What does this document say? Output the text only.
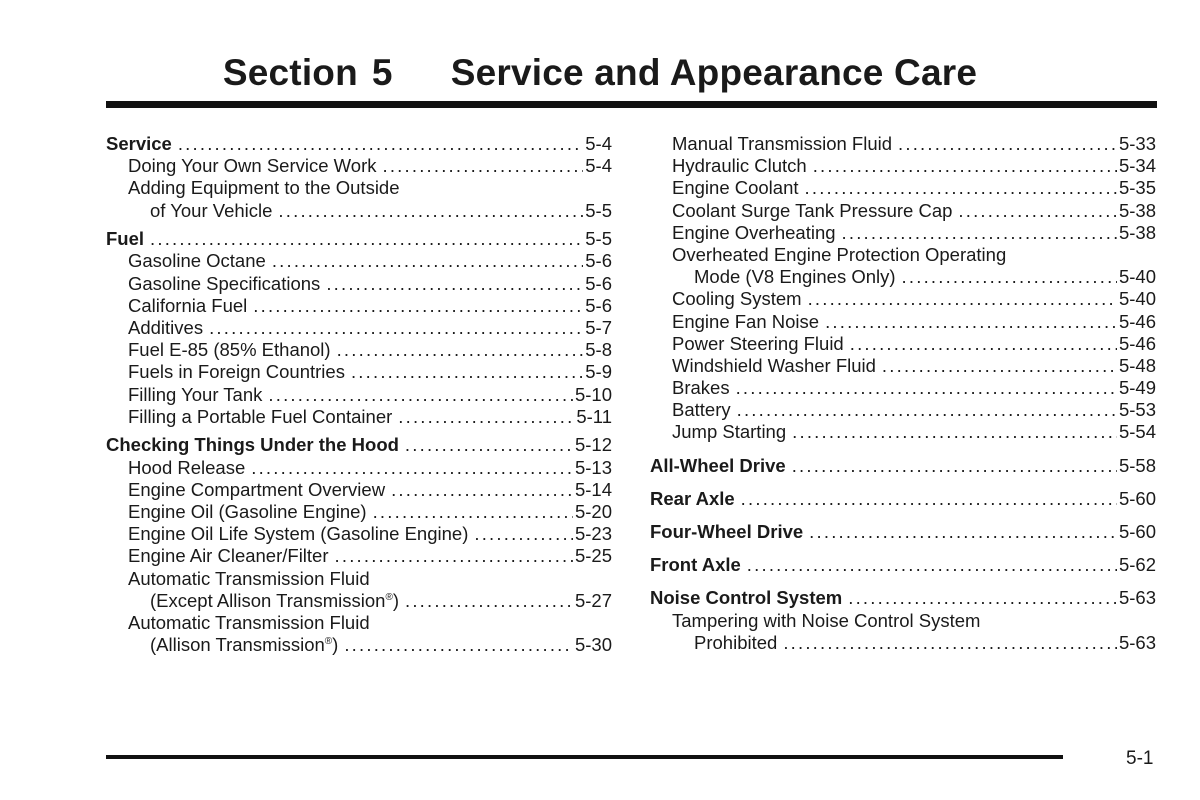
Section 5 Service and Appearance Care
Service .....	5-4
Doing Your Own Service Work .....	5-4
Adding Equipment to the Outside
of Your Vehicle .....	5-5
Fuel .....	5-5
Gasoline Octane .....	5-6
Gasoline Specifications .....	5-6
California Fuel .....	5-6
Additives .....	5-7
Fuel E-85 (85% Ethanol) .....	5-8
Fuels in Foreign Countries .....	5-9
Filling Your Tank .....	5-10
Filling a Portable Fuel Container .....	5-11
Checking Things Under the Hood .....	5-12
Hood Release .....	5-13
Engine Compartment Overview .....	5-14
Engine Oil (Gasoline Engine) .....	5-20
Engine Oil Life System (Gasoline Engine) .....	5-23
Engine Air Cleaner/Filter .....	5-25
Automatic Transmission Fluid
(Except Allison Transmission®) .....	5-27
Automatic Transmission Fluid
(Allison Transmission®) .....	5-30
Manual Transmission Fluid .....	5-33
Hydraulic Clutch .....	5-34
Engine Coolant .....	5-35
Coolant Surge Tank Pressure Cap .....	5-38
Engine Overheating .....	5-38
Overheated Engine Protection Operating
Mode (V8 Engines Only) .....	5-40
Cooling System .....	5-40
Engine Fan Noise .....	5-46
Power Steering Fluid .....	5-46
Windshield Washer Fluid .....	5-48
Brakes .....	5-49
Battery .....	5-53
Jump Starting .....	5-54
All-Wheel Drive .....	5-58
Rear Axle .....	5-60
Four-Wheel Drive .....	5-60
Front Axle .....	5-62
Noise Control System .....	5-63
Tampering with Noise Control System
Prohibited .....	5-63
5-1
